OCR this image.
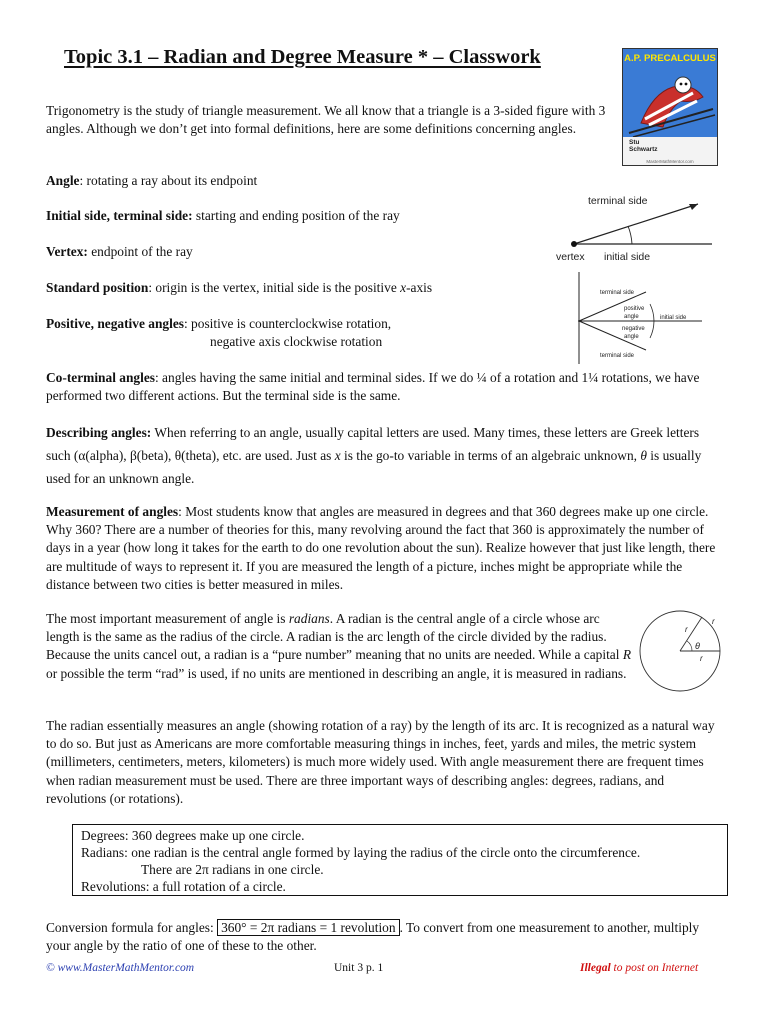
Topic 3.1 – Radian and Degree Measure * – Classwork	A.P. PRECALCULUS
Stu
Schwartz
MasterMathMentor.com

Trigonometry is the study of triangle measurement. We all know that a triangle is a 3-sided figure with 3 angles. Although we don’t get into formal definitions, here are some definitions concerning angles.

Angle: rotating a ray about its endpoint

Initial side, terminal side: starting and ending position of the ray

Vertex: endpoint of the ray

Standard position: origin is the vertex, initial side is the positive x-axis

Positive, negative angles: positive is counterclockwise rotation,
negative axis clockwise rotation

Co-terminal angles: angles having the same initial and terminal sides. If we do ¼ of a rotation and 1¼ rotations, we have performed two different actions. But the terminal side is the same.

Describing angles: When referring to an angle, usually capital letters are used. Many times, these letters are Greek letters such (α(alpha), β(beta), θ(theta), etc. are used. Just as x is the go-to variable in terms of an algebraic unknown, θ is usually used for an unknown angle.

Measurement of angles: Most students know that angles are measured in degrees and that 360 degrees make up one circle. Why 360? There are a number of theories for this, many revolving around the fact that 360 is approximately the number of days in a year (how long it takes for the earth to do one revolution about the sun). Realize however that just like length, there are multitude of ways to represent it. If you are measured the length of a picture, inches might be appropriate while the distance between two cities is better measured in miles.

The most important measurement of angle is radians. A radian is the central angle of a circle whose arc length is the same as the radius of the circle. A radian is the arc length of the circle divided by the radius. Because the units cancel out, a radian is a “pure number” meaning that no units are needed. While a capital R or possible the term “rad” is used, if no units are mentioned in describing an angle, it is measured in radians.

The radian essentially measures an angle (showing rotation of a ray) by the length of its arc. It is recognized as a natural way to do so. But just as Americans are more comfortable measuring things in inches, feet, yards and miles, the metric system (millimeters, centimeters, meters, kilometers) is much more widely used. With angle measurement there are frequent times when radian measurement must be used. There are three important ways of describing angles: degrees, radians, and revolutions (or rotations).

Degrees: 360 degrees make up one circle.
Radians: one radian is the central angle formed by laying the radius of the circle onto the circumference.
There are 2π radians in one circle.
Revolutions: a full rotation of a circle.

Conversion formula for angles: 360° = 2π radians = 1 revolution . To convert from one measurement to another, multiply your angle by the ratio of one of these to the other.

terminal side
vertex initial side
terminal side
positive
angle	initial side
negative
angle
terminal side
r
r
θ
r
© www.MasterMathMentor.com	Unit 3 p. 1	Illegal to post on Internet
